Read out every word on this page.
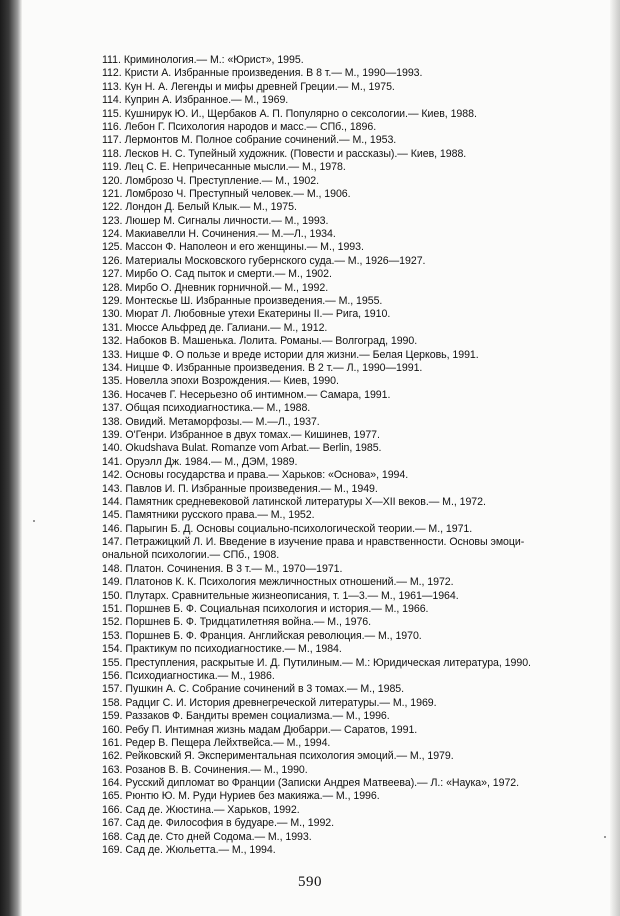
111. Криминология.— М.: «Юрист», 1995.
112. Кристи А. Избранные произведения. В 8 т.— М., 1990—1993.
113. Кун Н. А. Легенды и мифы древней Греции.— М., 1975.
114. Куприн А. Избранное.— М., 1969.
115. Кушнирук Ю. И., Щербаков А. П. Популярно о сексологии.— Киев, 1988.
116. Лебон Г. Психология народов и масс.— СПб., 1896.
117. Лермонтов М. Полное собрание сочинений.— М., 1953.
118. Лесков Н. С. Тупейный художник. (Повести и рассказы).— Киев, 1988.
119. Лец С. Е. Непричесанные мысли.— М., 1978.
120. Ломброзо Ч. Преступление.— М., 1902.
121. Ломброзо Ч. Преступный человек.— М., 1906.
122. Лондон Д. Белый Клык.— М., 1975.
123. Люшер М. Сигналы личности.— М., 1993.
124. Макиавелли Н. Сочинения.— М.—Л., 1934.
125. Массон Ф. Наполеон и его женщины.— М., 1993.
126. Материалы Московского губернского суда.— М., 1926—1927.
127. Мирбо О. Сад пыток и смерти.— М., 1902.
128. Мирбо О. Дневник горничной.— М., 1992.
129. Монтескье Ш. Избранные произведения.— М., 1955.
130. Мюрат Л. Любовные утехи Екатерины II.— Рига, 1910.
131. Мюссе Альфред де. Галиани.— М., 1912.
132. Набоков В. Машенька. Лолита. Романы.— Волгоград, 1990.
133. Ницше Ф. О пользе и вреде истории для жизни.— Белая Церковь, 1991.
134. Ницше Ф. Избранные произведения. В 2 т.— Л., 1990—1991.
135. Новелла эпохи Возрождения.— Киев, 1990.
136. Носачев Г. Несерьезно об интимном.— Самара, 1991.
137. Общая психодиагностика.— М., 1988.
138. Овидий. Метаморфозы.— М.—Л., 1937.
139. О'Генри. Избранное в двух томах.— Кишинев, 1977.
140. Okudshava Bulat. Romanze vom Arbat.— Berlin, 1985.
141. Оруэлл Дж. 1984.— М., ДЭМ, 1989.
142. Основы государства и права.— Харьков: «Основа», 1994.
143. Павлов И. П. Избранные произведения.— М., 1949.
144. Памятник средневековой латинской литературы X—XII веков.— М., 1972.
145. Памятники русского права.— М., 1952.
146. Парыгин Б. Д. Основы социально-психологической теории.— М., 1971.
147. Петражицкий Л. И. Введение в изучение права и нравственности. Основы эмоци-
ональной психологии.— СПб., 1908.
148. Платон. Сочинения. В 3 т.— М., 1970—1971.
149. Платонов К. К. Психология межличностных отношений.— М., 1972.
150. Плутарх. Сравнительные жизнеописания, т. 1—3.— М., 1961—1964.
151. Поршнев Б. Ф. Социальная психология и история.— М., 1966.
152. Поршнев Б. Ф. Тридцатилетняя война.— М., 1976.
153. Поршнев Б. Ф. Франция. Английская революция.— М., 1970.
154. Практикум по психодиагностике.— М., 1984.
155. Преступления, раскрытые И. Д. Путилиным.— М.: Юридическая литература, 1990.
156. Психодиагностика.— М., 1986.
157. Пушкин А. С. Собрание сочинений в 3 томах.— М., 1985.
158. Радциг С. И. История древнегреческой литературы.— М., 1969.
159. Раззаков Ф. Бандиты времен социализма.— М., 1996.
160. Ребу П. Интимная жизнь мадам Дюбарри.— Саратов, 1991.
161. Редер В. Пещера Лейхтвейса.— М., 1994.
162. Рейковский Я. Экспериментальная психология эмоций.— М., 1979.
163. Розанов В. В. Сочинения.— М., 1990.
164. Русский дипломат во Франции (Записки Андрея Матвеева).— Л.: «Наука», 1972.
165. Рюнтю Ю. М. Руди Нуриев без макияжа.— М., 1996.
166. Сад де. Жюстина.— Харьков, 1992.
167. Сад де. Философия в будуаре.— М., 1992.
168. Сад де. Сто дней Содома.— М., 1993.
169. Сад де. Жюльетта.— М., 1994.
590
